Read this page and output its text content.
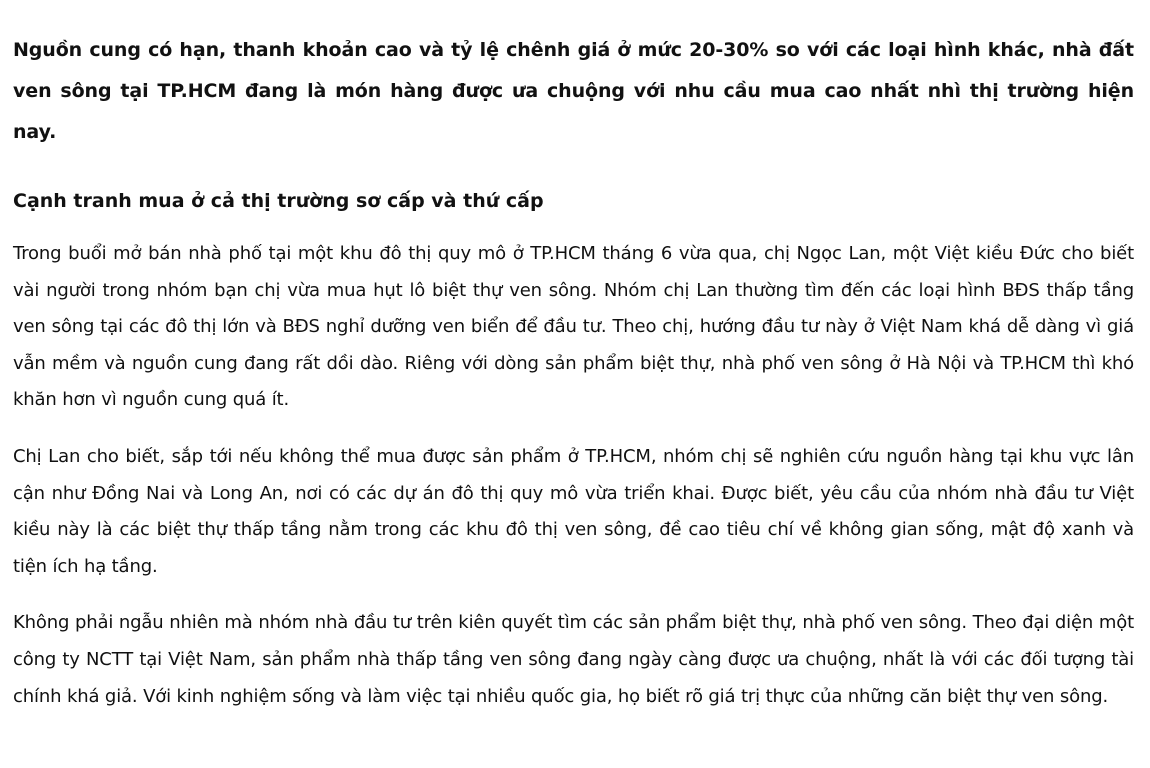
Nguồn cung có hạn, thanh khoản cao và tỷ lệ chênh giá ở mức 20-30% so với các loại hình khác, nhà đất ven sông tại TP.HCM đang là món hàng được ưa chuộng với nhu cầu mua cao nhất nhì thị trường hiện nay.

Cạnh tranh mua ở cả thị trường sơ cấp và thứ cấp

Trong buổi mở bán nhà phố tại một khu đô thị quy mô ở TP.HCM tháng 6 vừa qua, chị Ngọc Lan, một Việt kiều Đức cho biết vài người trong nhóm bạn chị vừa mua hụt lô biệt thự ven sông. Nhóm chị Lan thường tìm đến các loại hình BĐS thấp tầng ven sông tại các đô thị lớn và BĐS nghỉ dưỡng ven biển để đầu tư. Theo chị, hướng đầu tư này ở Việt Nam khá dễ dàng vì giá vẫn mềm và nguồn cung đang rất dồi dào. Riêng với dòng sản phẩm biệt thự, nhà phố ven sông ở Hà Nội và TP.HCM thì khó khăn hơn vì nguồn cung quá ít.

Chị Lan cho biết, sắp tới nếu không thể mua được sản phẩm ở TP.HCM, nhóm chị sẽ nghiên cứu nguồn hàng tại khu vực lân cận như Đồng Nai và Long An, nơi có các dự án đô thị quy mô vừa triển khai. Được biết, yêu cầu của nhóm nhà đầu tư Việt kiều này là các biệt thự thấp tầng nằm trong các khu đô thị ven sông, đề cao tiêu chí về không gian sống, mật độ xanh và tiện ích hạ tầng.

Không phải ngẫu nhiên mà nhóm nhà đầu tư trên kiên quyết tìm các sản phẩm biệt thự, nhà phố ven sông. Theo đại diện một công ty NCTT tại Việt Nam, sản phẩm nhà thấp tầng ven sông đang ngày càng được ưa chuộng, nhất là với các đối tượng tài chính khá giả. Với kinh nghiệm sống và làm việc tại nhiều quốc gia, họ biết rõ giá trị thực của những căn biệt thự ven sông.
